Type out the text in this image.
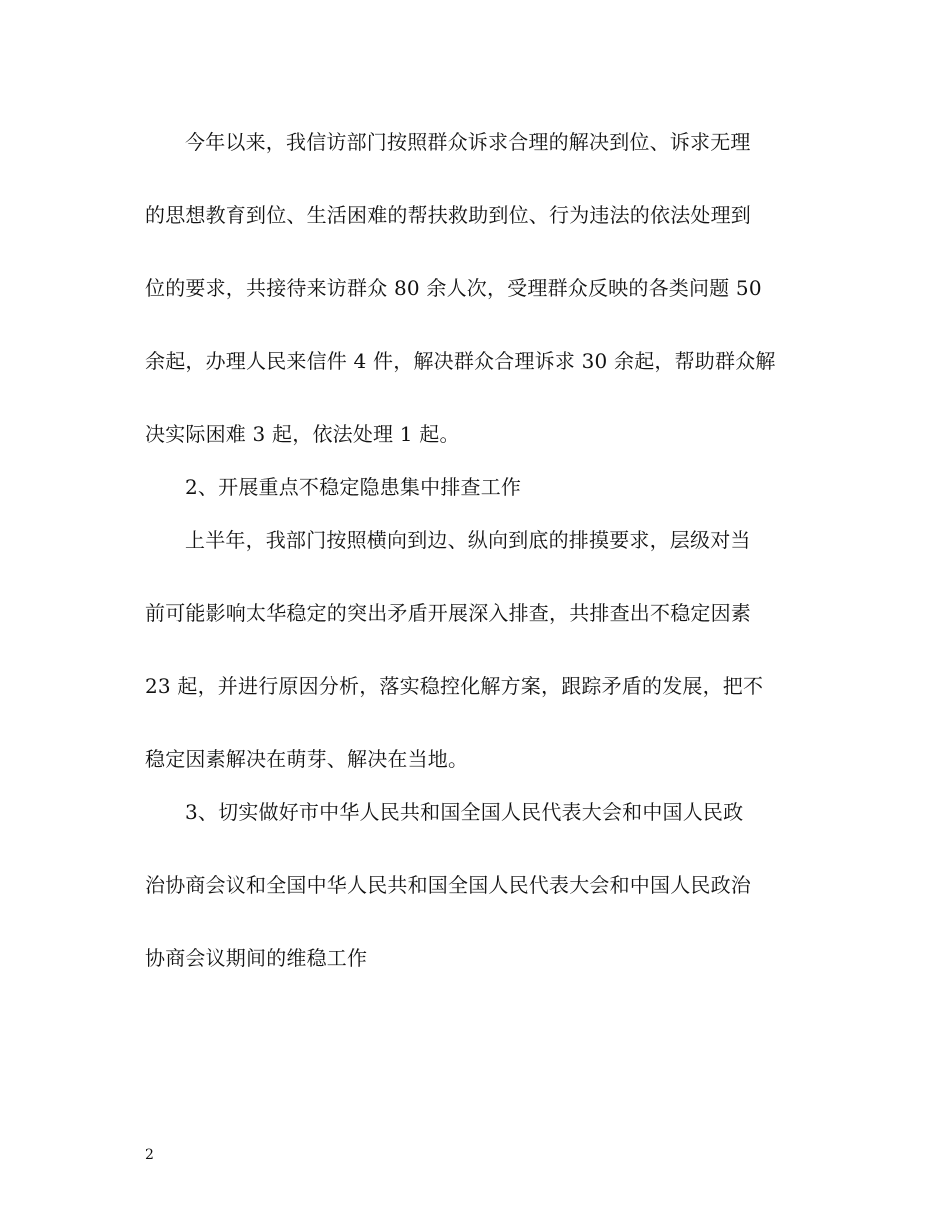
今年以来，我信访部门按照群众诉求合理的解决到位、诉求无理
的思想教育到位、生活困难的帮扶救助到位、行为违法的依法处理到
位的要求，共接待来访群众 80 余人次，受理群众反映的各类问题 50
余起，办理人民来信件 4 件，解决群众合理诉求 30 余起，帮助群众解
决实际困难 3 起，依法处理 1 起。
2、开展重点不稳定隐患集中排查工作
上半年，我部门按照横向到边、纵向到底的排摸要求，层级对当
前可能影响太华稳定的突出矛盾开展深入排查，共排查出不稳定因素
23 起，并进行原因分析，落实稳控化解方案，跟踪矛盾的发展，把不
稳定因素解决在萌芽、解决在当地。
3、切实做好市中华人民共和国全国人民代表大会和中国人民政
治协商会议和全国中华人民共和国全国人民代表大会和中国人民政治
协商会议期间的维稳工作
2
